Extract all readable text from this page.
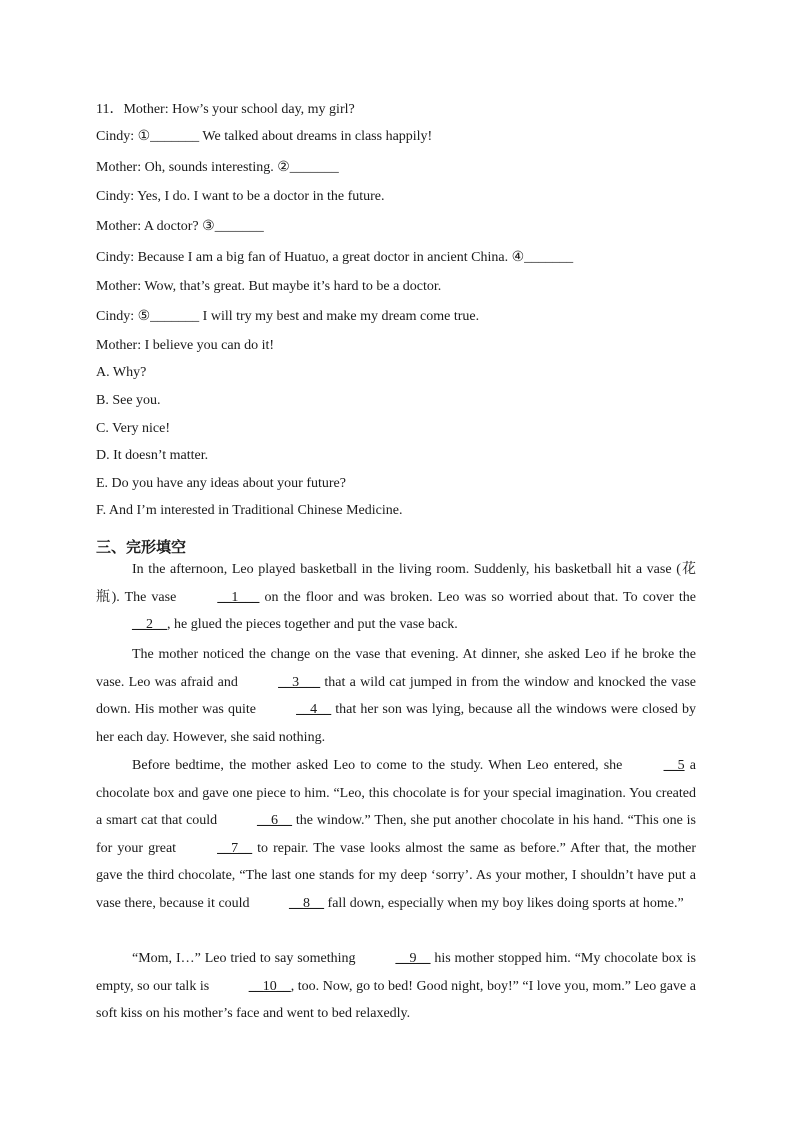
11．Mother: How’s your school day, my girl?
Cindy: ①_______ We talked about dreams in class happily!
Mother: Oh, sounds interesting. ②_______
Cindy: Yes, I do. I want to be a doctor in the future.
Mother: A doctor? ③_______
Cindy: Because I am a big fan of Huatuo, a great doctor in ancient China. ④_______
Mother: Wow, that’s great. But maybe it’s hard to be a doctor.
Cindy: ⑤_______ I will try my best and make my dream come true.
Mother: I believe you can do it!
A. Why?
B. See you.
C. Very nice!
D. It doesn’t matter.
E. Do you have any ideas about your future?
F. And I’m interested in Traditional Chinese Medicine.
三、完形填空
In the afternoon, Leo played basketball in the living room. Suddenly, his basketball hit a vase (花瓶). The vase	__1___ on the floor and was broken. Leo was so worried about that. To cover the __2__, he glued the pieces together and put the vase back.
The mother noticed the change on the vase that evening. At dinner, she asked Leo if he broke the vase. Leo was afraid and	__3___ that a wild cat jumped in from the window and knocked the vase down. His mother was quite	__4__ that her son was lying, because all the windows were closed by her each day. However, she said nothing.
Before bedtime, the mother asked Leo to come to the study. When Leo entered, she	__5 a chocolate box and gave one piece to him. “Leo, this chocolate is for your special imagination. You created a smart cat that could	__6__ the window.” Then, she put another chocolate in his hand. “This one is for your great	__7__ to repair. The vase looks almost the same as before.” After that, the mother gave the third chocolate, “The last one stands for my deep ‘sorry’. As your mother, I shouldn’t have put a vase there, because it could	__8__ fall down, especially when my boy likes doing sports at home.”
“Mom, I…” Leo tried to say something	__9__ his mother stopped him. “My chocolate box is empty, so our talk is	__10__, too. Now, go to bed! Good night, boy!” “I love you, mom.” Leo gave a soft kiss on his mother’s face and went to bed relaxedly.
